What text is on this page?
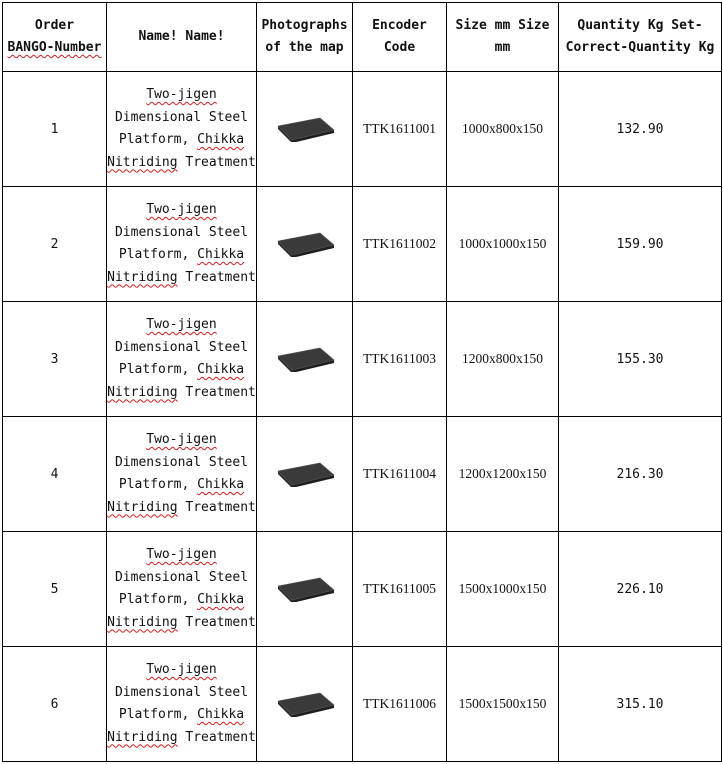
Order
BANGO-Number	Name! Name!	Photographs of the map	Encoder Code	Size mm Size mm	Quantity Kg Set-Correct-Quantity Kg
1	Two-jigen Dimensional Steel Platform, Chikka Nitriding Treatment		TTK1611001	1000x800x150	132.90
2	Two-jigen Dimensional Steel Platform, Chikka Nitriding Treatment		TTK1611002	1000x1000x150	159.90
3	Two-jigen Dimensional Steel Platform, Chikka Nitriding Treatment		TTK1611003	1200x800x150	155.30
4	Two-jigen Dimensional Steel Platform, Chikka Nitriding Treatment		TTK1611004	1200x1200x150	216.30
5	Two-jigen Dimensional Steel Platform, Chikka Nitriding Treatment		TTK1611005	1500x1000x150	226.10
6	Two-jigen Dimensional Steel Platform, Chikka Nitriding Treatment		TTK1611006	1500x1500x150	315.10
